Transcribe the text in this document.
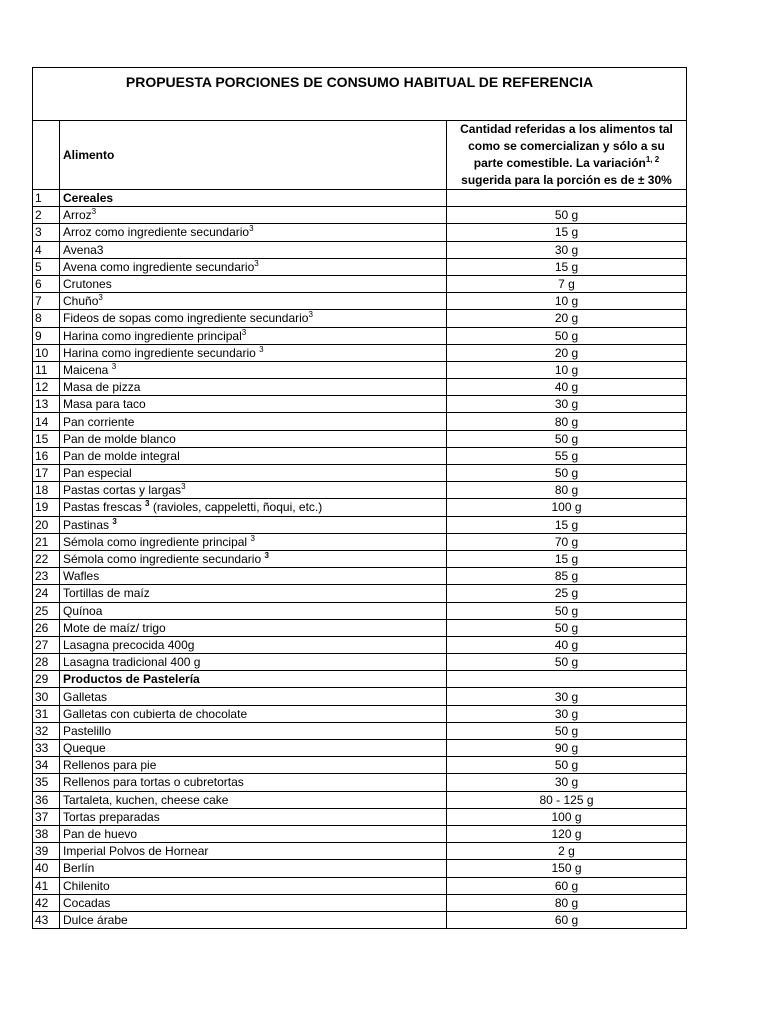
PROPUESTA PORCIONES DE CONSUMO HABITUAL DE REFERENCIA		
	Alimento	Cantidad referidas a los alimentos tal
como se comercializan y sólo a su
parte comestible. La variación$^{1, 2}$
sugerida para la porción es de ± 30%
1	Cereales	
2	Arroz$^3$	50 g
3	Arroz como ingrediente secundario$^3$	15 g
4	Avena3	30 g
5	Avena como ingrediente secundario$^3$	15 g
6	Crutones	7 g
7	Chuño$^3$	10 g
8	Fideos de sopas como ingrediente secundario$^3$	20 g
9	Harina como ingrediente principal$^3$	50 g
10	Harina como ingrediente secundario $^3$	20 g
11	Maicena $^3$	10 g
12	Masa de pizza	40 g
13	Masa para taco	30 g
14	Pan corriente	80 g
15	Pan de molde blanco	50 g
16	Pan de molde integral	55 g
17	Pan especial	50 g
18	Pastas cortas y largas$^3$	80 g
19	Pastas frescas $^3$ (ravioles, cappeletti, ñoqui, etc.)	100 g
20	Pastinas $^3$	15 g
21	Sémola como ingrediente principal $^3$	70 g
22	Sémola como ingrediente secundario $^3$	15 g
23	Wafles	85 g
24	Tortillas de maíz	25 g
25	Quínoa	50 g
26	Mote de maíz/ trigo	50 g
27	Lasagna precocida 400g	40 g
28	Lasagna tradicional 400 g	50 g
29	Productos de Pastelería	
30	Galletas	30 g
31	Galletas con cubierta de chocolate	30 g
32	Pastelillo	50 g
33	Queque	90 g
34	Rellenos para pie	50 g
35	Rellenos para tortas o cubretortas	30 g
36	Tartaleta, kuchen, cheese cake	80 - 125 g
37	Tortas preparadas	100 g
38	Pan de huevo	120 g
39	Imperial Polvos de Hornear	2 g
40	Berlín	150 g
41	Chilenito	60 g
42	Cocadas	80 g
43	Dulce árabe	60 g
